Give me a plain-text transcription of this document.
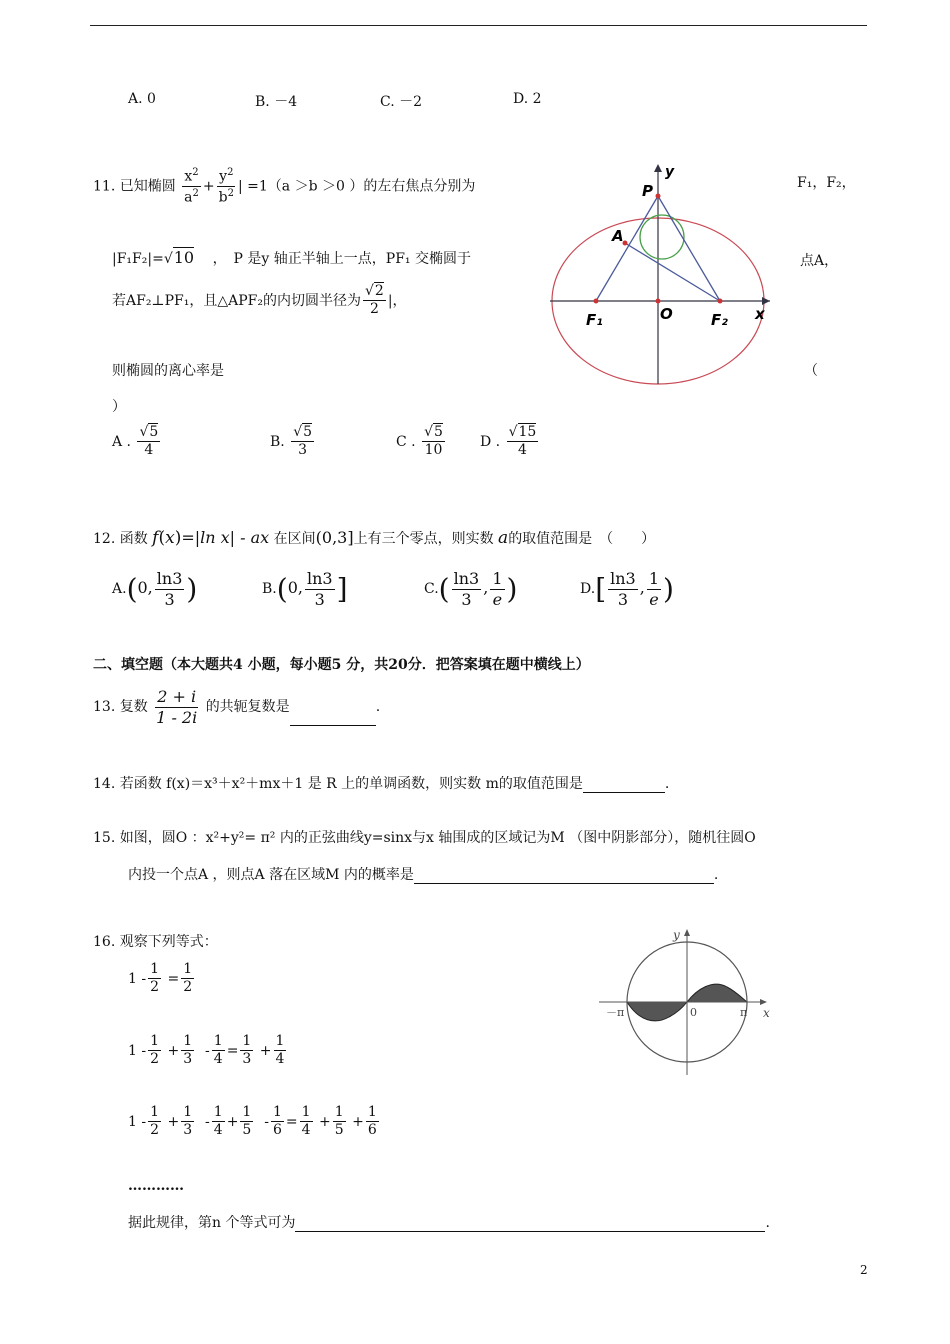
A. 0	B. －4	C. －2	D. 2
11. 已知椭圆 $\frac{x^2}{a^2} + \frac{y^2}{b^2}$ | =1（a ＞b ＞0 ）的左右焦点分别为	F₁，F₂，
|F₁F₂|=√10 ，　P 是y 轴正半轴上一点，PF₁ 交椭圆于	点A，
若AF₂⊥PF₁，且△APF₂的内切圆半径为 $\frac{√2}{2}$ |，
则椭圆的离心率是	（
）
A . $\frac{√5}{4}$	B. $\frac{√5}{3}$	C . $\frac{√5}{10}$	D . $\frac{√15}{4}$
y
P
A
F₁	O	F₂ x
12. 函数 f(x)=|ln x| - ax 在区间(0,3]上有三个零点，则实数 a的取值范围是　（　　）
A.(0, $\frac{\ln 3}{3}$ )	B.(0, $\frac{\ln 3}{3}$ ]	$C.( \frac{\ln 3}{3}$ , $\frac{1}{e}$ )	$D.[ \frac{\ln 3}{3}$ , $\frac{1}{e}$ )
二、填空题（本大题共4 小题，每小题5 分，共20分．把答案填在题中横线上）
13. 复数 $\frac{2 + i}{1 - 2i}$ 的共轭复数是	.
14. 若函数 f(x)＝x³＋x²＋mx＋1 是 R 上的单调函数，则实数 m的取值范围是	.
15. 如图，圆O ：x²+y²= π² 内的正弦曲线y=sinx与x 轴围成的区域记为M （图中阴影部分），随机往圆O
内投一个点A ，则点A 落在区域M 内的概率是	.
16. 观察下列等式：
$1 - \frac{1}{2} = \frac{1}{2}$
$1 - \frac{1}{2} + \frac{1}{3} - \frac{1}{4} = \frac{1}{3} + \frac{1}{4}$
$1 - \frac{1}{2} + \frac{1}{3} - \frac{1}{4} + \frac{1}{5} - \frac{1}{6} = \frac{1}{4} + \frac{1}{5} + \frac{1}{6}$
…………
据此规律，第n 个等式可为	.
y
－π	0	π x
2
